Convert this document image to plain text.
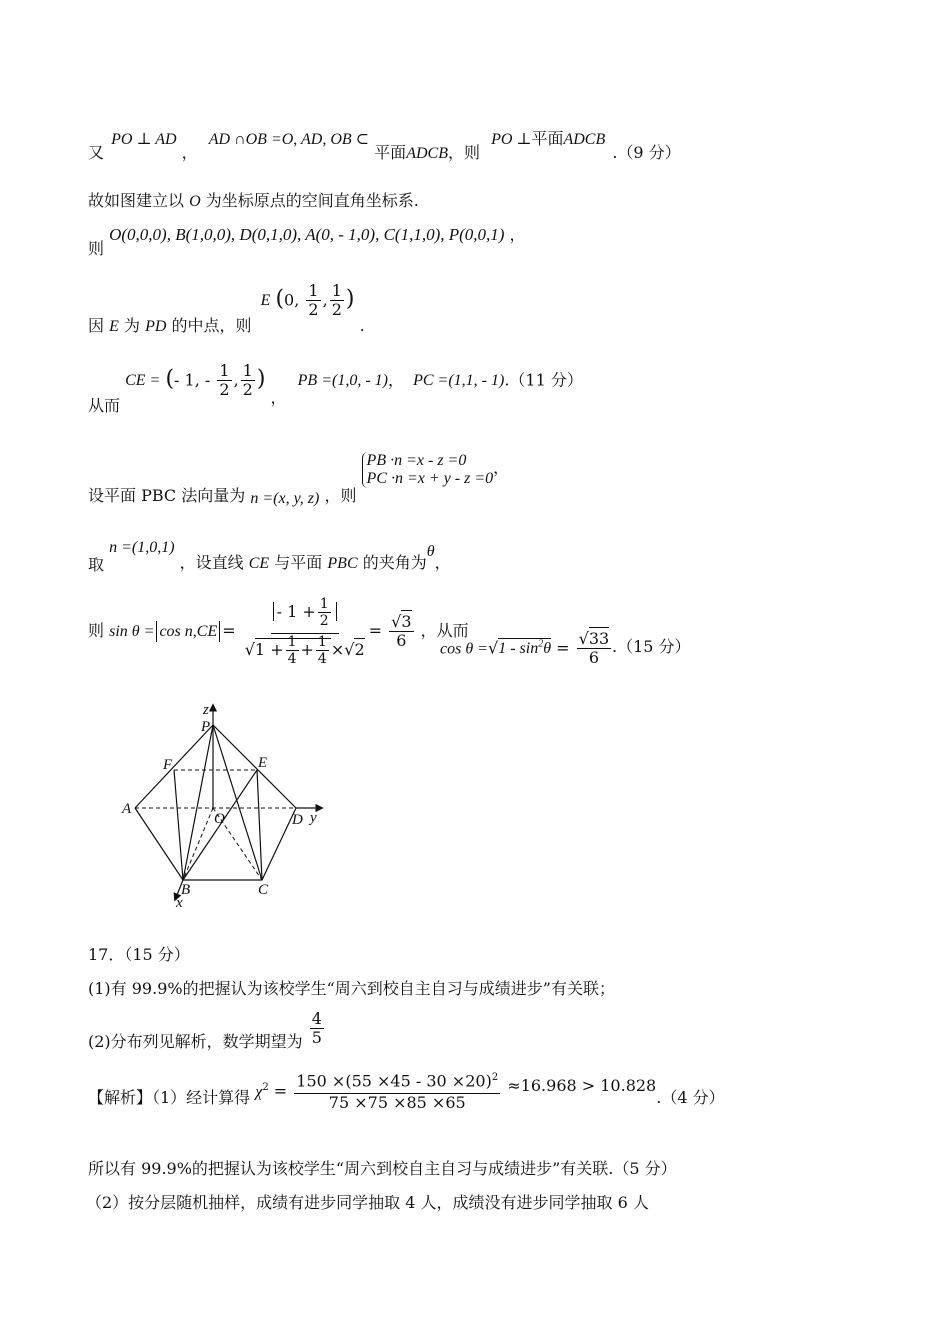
又 PO ⊥ AD ， AD ∩OB =O, AD, OB ⊂ 平面ADCB，则 PO ⊥平面ADCB .（9 分）
故如图建立以 O 为坐标原点的空间直角坐标系.
则 O(0,0,0), B(1,0,0), D(0,1,0), A(0, - 1,0), C(1,1,0), P(0,0,1) ，
因 E 为 PD 的中点，则 E (0, $\frac{1}{2}$ , $\frac{1}{2}$ ) .
从而 CE = (- 1, - $\frac{1}{2}$ , $\frac{1}{2}$ ) ， PB =(1,0, - 1)， PC =(1,1, - 1).（11 分）
设平面 PBC 法向量为 n =(x, y, z) ，则
PB ·n =x - z =0
PC ·n =x + y - z =0
，
取 n =(1,0,1) ，设直线 CE 与平面 PBC 的夹角为θ，
则 $\sin \theta = \cos n,CE = \frac{- 1 + \frac{1}{2}}{√1 + \frac{1}{4} + \frac{1}{4} \times√2} = \frac{√3}{6}$ ，从而
$\cos \theta =√1 - \sin^2\theta = \frac{√33}{6} .(15$ 分）
z
P
F	E
A
O	D y
B	C
x
17．（15 分）
(1)有 99.9%的把握认为该校学生“周六到校自主自习与成绩进步”有关联；
(2)分布列见解析，数学期望为 $\frac{4}{5}$
【解析】（1）经计算得 $\chi^2 = \frac{150 \times(55 \times 45 - 30 \times 20)^2}{75 \times 75 \times 85 \times 65} \approx 16.968 > 10.828.(4$ 分）
所以有 99.9%的把握认为该校学生“周六到校自主自习与成绩进步”有关联.（5 分）
（2）按分层随机抽样，成绩有进步同学抽取 4 人，成绩没有进步同学抽取 6 人
